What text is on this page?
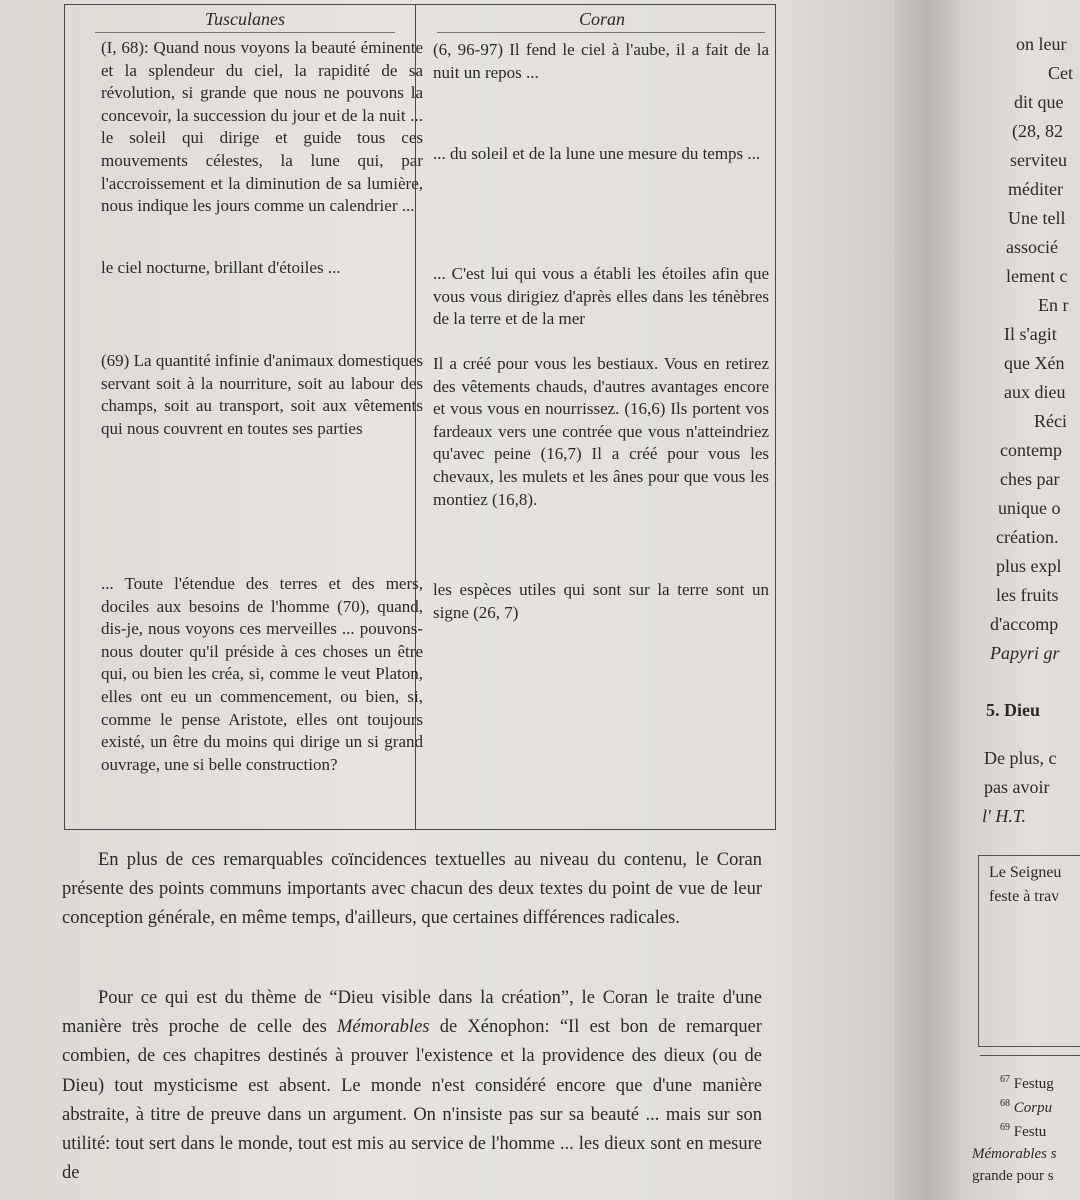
Tusculanes	Coran
(I, 68): Quand nous voyons la beauté éminente et la splendeur du ciel, la rapidité de sa révolution, si grande que nous ne pouvons la concevoir, la succession du jour et de la nuit ... le soleil qui dirige et guide tous ces mouvements célestes, la lune qui, par l'accroissement et la diminution de sa lumière, nous indique les jours comme un calendrier ...
(6, 96-97) Il fend le ciel à l'aube, il a fait de la nuit un repos ...
... du soleil et de la lune une mesure du temps ...
le ciel nocturne, brillant d'étoiles ...	... C'est lui qui vous a établi les étoiles afin que vous vous dirigiez d'après elles dans les ténèbres de la terre et de la mer
(69) La quantité infinie d'animaux domestiques servant soit à la nourriture, soit au labour des champs, soit au transport, soit aux vêtements qui nous couvrent en toutes ses parties
Il a créé pour vous les bestiaux. Vous en retirez des vêtements chauds, d'autres avantages encore et vous vous en nourrissez. (16,6) Ils portent vos fardeaux vers une contrée que vous n'atteindriez qu'avec peine (16,7) Il a créé pour vous les chevaux, les mulets et les ânes pour que vous les montiez (16,8).
... Toute l'étendue des terres et des mers, dociles aux besoins de l'homme (70), quand, dis-je, nous voyons ces merveilles ... pouvons-nous douter qu'il préside à ces choses un être qui, ou bien les créa, si, comme le veut Platon, elles ont eu un commencement, ou bien, si, comme le pense Aristote, elles ont toujours existé, un être du moins qui dirige un si grand ouvrage, une si belle construction?
les espèces utiles qui sont sur la terre sont un signe (26, 7)
En plus de ces remarquables coïncidences textuelles au niveau du contenu, le Coran présente des points communs importants avec chacun des deux textes du point de vue de leur conception générale, en même temps, d'ailleurs, que certaines différences radicales.
Pour ce qui est du thème de “Dieu visible dans la création”, le Coran le traite d'une manière très proche de celle des Mémorables de Xénophon: “Il est bon de remarquer combien, de ces chapitres destinés à prouver l'existence et la providence des dieux (ou de Dieu) tout mysticisme est absent. Le monde n'est considéré encore que d'une manière abstraite, à titre de preuve dans un argument. On n'insiste pas sur sa beauté ... mais sur son utilité: tout sert dans le monde, tout est mis au service de l'homme ... les dieux sont en mesure de
on leur
Cet
dit que
(28, 82
serviteu
méditer
Une tell
associé
lement c
En r
Il s'agit
que Xén
aux dieu
Réci
contemp
ches par
unique o
création.
plus expl
les fruits
d'accomp
Papyri gr
5. Dieu
De plus, c
pas avoir
l' H.T.
Le Seigneu
feste à trav
$^{67}$ Festug
$^{68}$ Corpu
$^{69}$ Festu
Mémorables s
grande pour s
